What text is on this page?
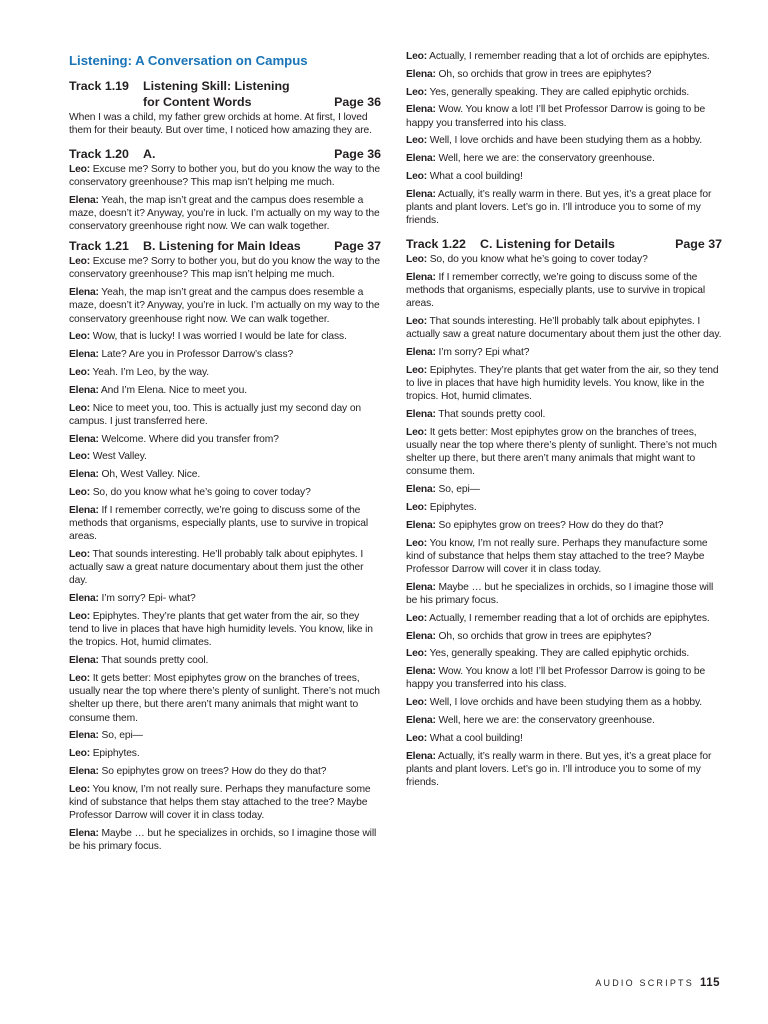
Listening: A Conversation on Campus
Track 1.19	Listening Skill: Listening
for Content Words	Page 36

When I was a child, my father grew orchids at home. At first, I loved them for their beauty. But over time, I noticed how amazing they are.

Track 1.20	A.	Page 36

Leo: Excuse me? Sorry to bother you, but do you know the way to the conservatory greenhouse? This map isn’t helping me much.

Elena: Yeah, the map isn’t great and the campus does resemble a maze, doesn’t it? Anyway, you’re in luck. I’m actually on my way to the conservatory greenhouse right now. We can walk together.

Track 1.21	B. Listening for Main Ideas	Page 37

Leo: Excuse me? Sorry to bother you, but do you know the way to the conservatory greenhouse? This map isn’t helping me much.

Elena: Yeah, the map isn’t great and the campus does resemble a maze, doesn’t it? Anyway, you’re in luck. I’m actually on my way to the conservatory greenhouse right now. We can walk together.

Leo: Wow, that is lucky! I was worried I would be late for class.

Elena: Late? Are you in Professor Darrow’s class?

Leo: Yeah. I’m Leo, by the way.

Elena: And I’m Elena. Nice to meet you.

Leo: Nice to meet you, too. This is actually just my second day on campus. I just transferred here.

Elena: Welcome. Where did you transfer from?

Leo: West Valley.

Elena: Oh, West Valley. Nice.

Leo: So, do you know what he’s going to cover today?

Elena: If I remember correctly, we’re going to discuss some of the methods that organisms, especially plants, use to survive in tropical areas.

Leo: That sounds interesting. He’ll probably talk about epiphytes. I actually saw a great nature documentary about them just the other day.

Elena: I’m sorry? Epi- what?

Leo: Epiphytes. They’re plants that get water from the air, so they tend to live in places that have high humidity levels. You know, like in the tropics. Hot, humid climates.

Elena: That sounds pretty cool.

Leo: It gets better: Most epiphytes grow on the branches of trees, usually near the top where there’s plenty of sunlight. There’s not much shelter up there, but there aren’t many animals that might want to consume them.

Elena: So, epi—

Leo: Epiphytes.

Elena: So epiphytes grow on trees? How do they do that?

Leo: You know, I’m not really sure. Perhaps they manufacture some kind of substance that helps them stay attached to the tree? Maybe Professor Darrow will cover it in class today.

Elena: Maybe … but he specializes in orchids, so I imagine those will be his primary focus.

Leo: Actually, I remember reading that a lot of orchids are epiphytes.

Elena: Oh, so orchids that grow in trees are epiphytes?

Leo: Yes, generally speaking. They are called epiphytic orchids.

Elena: Wow. You know a lot! I’ll bet Professor Darrow is going to be happy you transferred into his class.

Leo: Well, I love orchids and have been studying them as a hobby.

Elena: Well, here we are: the conservatory greenhouse.

Leo: What a cool building!

Elena: Actually, it’s really warm in there. But yes, it’s a great place for plants and plant lovers. Let’s go in. I’ll introduce you to some of my friends.

Track 1.22	C. Listening for Details	Page 37

Leo: So, do you know what he’s going to cover today?

Elena: If I remember correctly, we’re going to discuss some of the methods that organisms, especially plants, use to survive in tropical areas.

Leo: That sounds interesting. He’ll probably talk about epiphytes. I actually saw a great nature documentary about them just the other day.

Elena: I’m sorry? Epi what?

Leo: Epiphytes. They’re plants that get water from the air, so they tend to live in places that have high humidity levels. You know, like in the tropics. Hot, humid climates.

Elena: That sounds pretty cool.

Leo: It gets better: Most epiphytes grow on the branches of trees, usually near the top where there’s plenty of sunlight. There’s not much shelter up there, but there aren’t many animals that might want to consume them.

Elena: So, epi—

Leo: Epiphytes.

Elena: So epiphytes grow on trees? How do they do that?

Leo: You know, I’m not really sure. Perhaps they manufacture some kind of substance that helps them stay attached to the tree? Maybe Professor Darrow will cover it in class today.

Elena: Maybe … but he specializes in orchids, so I imagine those will be his primary focus.

Leo: Actually, I remember reading that a lot of orchids are epiphytes.

Elena: Oh, so orchids that grow in trees are epiphytes?

Leo: Yes, generally speaking. They are called epiphytic orchids.

Elena: Wow. You know a lot! I’ll bet Professor Darrow is going to be happy you transferred into his class.

Leo: Well, I love orchids and have been studying them as a hobby.

Elena: Well, here we are: the conservatory greenhouse.

Leo: What a cool building!

Elena: Actually, it’s really warm in there. But yes, it’s a great place for plants and plant lovers. Let’s go in. I’ll introduce you to some of my friends.

AUDIO SCRIPTS 115
